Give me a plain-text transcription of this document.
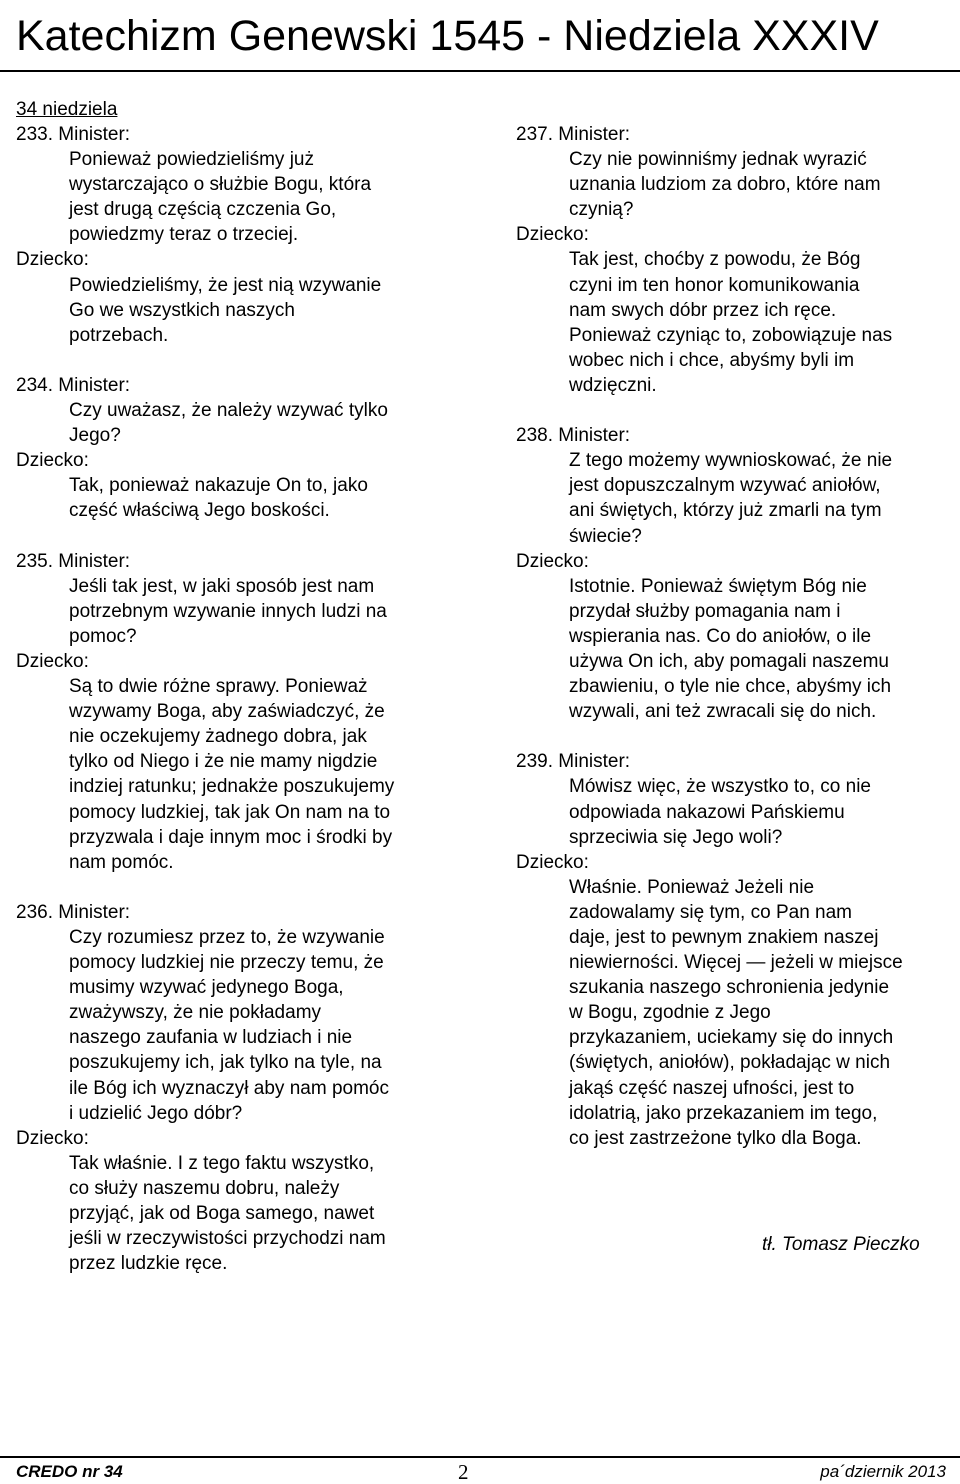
Katechizm Genewski 1545 - Niedziela XXXIV
34 niedziela
233. Minister:
Ponieważ powiedzieliśmy już
wystarczająco o służbie Bogu, która
jest drugą częścią czczenia Go,
powiedzmy teraz o trzeciej.
Dziecko:
Powiedzieliśmy, że jest nią wzywanie
Go we wszystkich naszych
potrzebach.
234. Minister:
Czy uważasz, że należy wzywać tylko
Jego?
Dziecko:
Tak, ponieważ nakazuje On to, jako
część właściwą Jego boskości.
235. Minister:
Jeśli tak jest, w jaki sposób jest nam
potrzebnym wzywanie innych ludzi na
pomoc?
Dziecko:
Są to dwie różne sprawy. Ponieważ
wzywamy Boga, aby zaświadczyć, że
nie oczekujemy żadnego dobra, jak
tylko od Niego i że nie mamy nigdzie
indziej ratunku; jednakże poszukujemy
pomocy ludzkiej, tak jak On nam na to
przyzwala i daje innym moc i środki by
nam pomóc.
236. Minister:
Czy rozumiesz przez to, że wzywanie
pomocy ludzkiej nie przeczy temu, że
musimy wzywać jedynego Boga,
zważywszy, że nie pokładamy
naszego zaufania w ludziach i nie
poszukujemy ich, jak tylko na tyle, na
ile Bóg ich wyznaczył aby nam pomóc
i udzielić Jego dóbr?
Dziecko:
Tak właśnie. I z tego faktu wszystko,
co służy naszemu dobru, należy
przyjąć, jak od Boga samego, nawet
jeśli w rzeczywistości przychodzi nam
przez ludzkie ręce.
237. Minister:
Czy nie powinniśmy jednak wyrazić
uznania ludziom za dobro, które nam
czynią?
Dziecko:
Tak jest, choćby z powodu, że Bóg
czyni im ten honor komunikowania
nam swych dóbr przez ich ręce.
Ponieważ czyniąc to, zobowiązuje nas
wobec nich i chce, abyśmy byli im
wdzięczni.
238. Minister:
Z tego możemy wywnioskować, że nie
jest dopuszczalnym wzywać aniołów,
ani świętych, którzy już zmarli na tym
świecie?
Dziecko:
Istotnie. Ponieważ świętym Bóg nie
przydał służby pomagania nam i
wspierania nas. Co do aniołów, o ile
używa On ich, aby pomagali naszemu
zbawieniu, o tyle nie chce, abyśmy ich
wzywali, ani też zwracali się do nich.
239. Minister:
Mówisz więc, że wszystko to, co nie
odpowiada nakazowi Pańskiemu
sprzeciwia się Jego woli?
Dziecko:
Właśnie. Ponieważ Jeżeli nie
zadowalamy się tym, co Pan nam
daje, jest to pewnym znakiem naszej
niewierności. Więcej — jeżeli w miejsce
szukania naszego schronienia jedynie
w Bogu, zgodnie z Jego
przykazaniem, uciekamy się do innych
(świętych, aniołów), pokładając w nich
jakąś część naszej ufności, jest to
idolatrią, jako przekazaniem im tego,
co jest zastrzeżone tylko dla Boga.
tł. Tomasz Pieczko
CREDO nr 34	2	pa´dziernik 2013
